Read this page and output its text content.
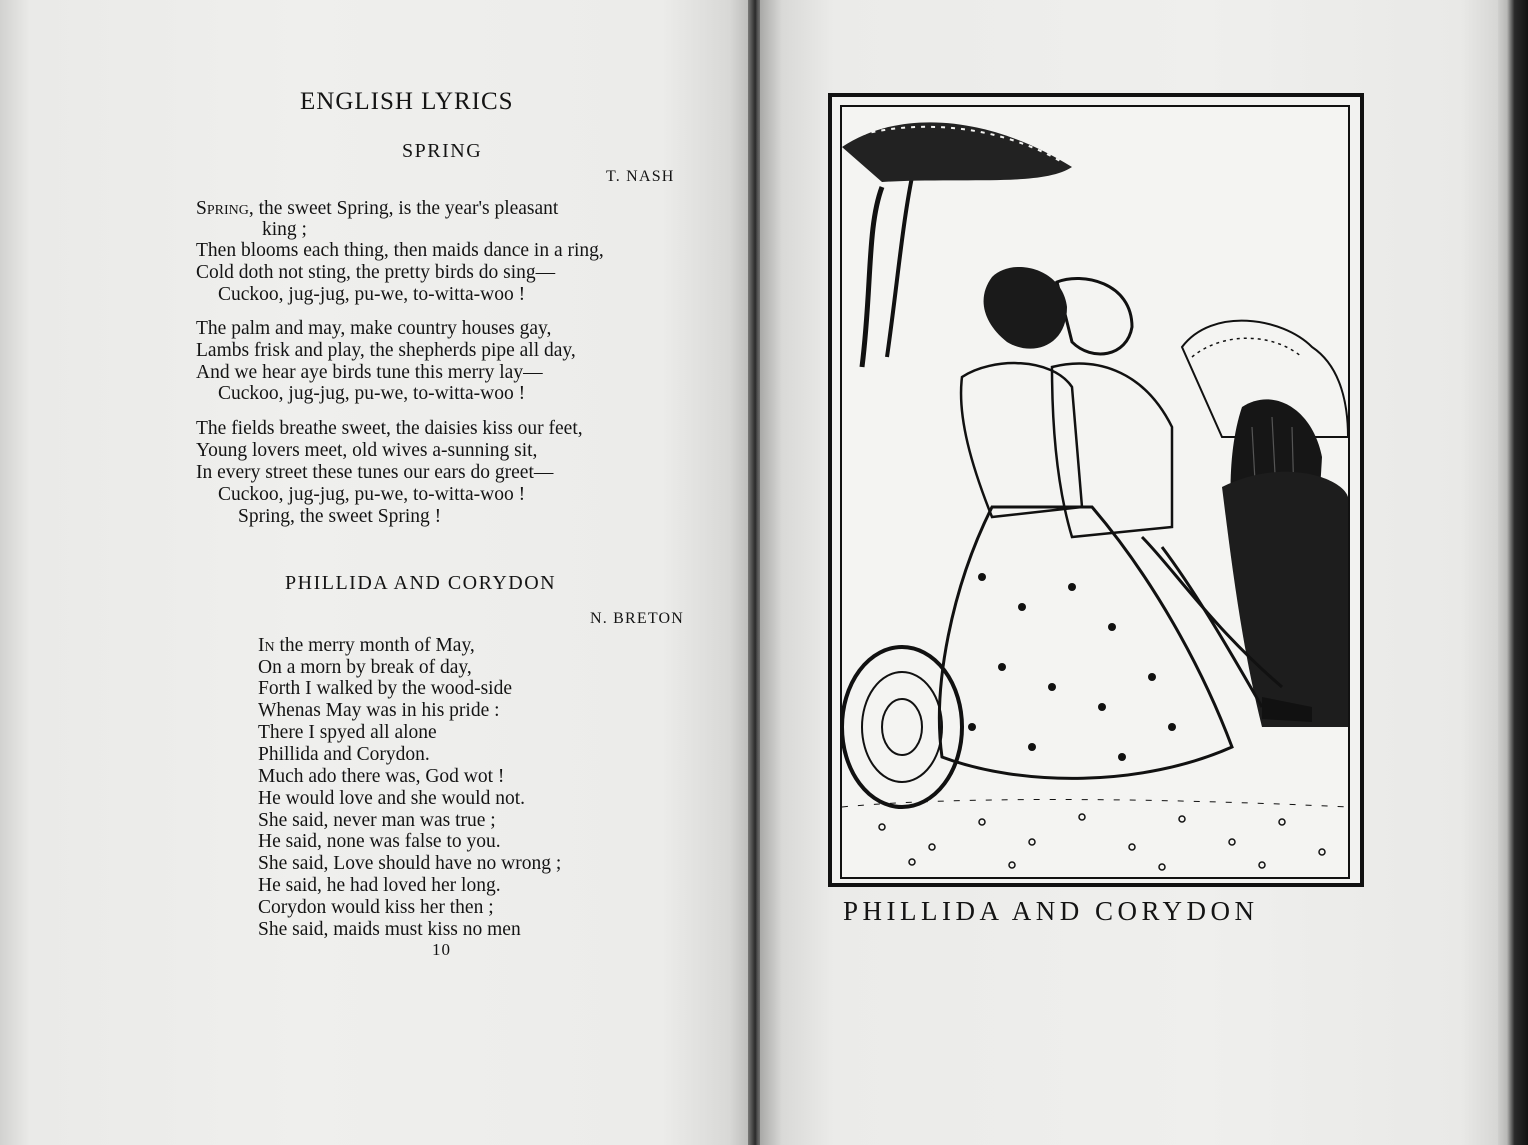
ENGLISH LYRICS
SPRING
T. NASH
Spring, the sweet Spring, is the year's pleasant
king ;
Then blooms each thing, then maids dance in a ring,
Cold doth not sting, the pretty birds do sing—
Cuckoo, jug-jug, pu-we, to-witta-woo !
The palm and may, make country houses gay,
Lambs frisk and play, the shepherds pipe all day,
And we hear aye birds tune this merry lay—
Cuckoo, jug-jug, pu-we, to-witta-woo !
The fields breathe sweet, the daisies kiss our feet,
Young lovers meet, old wives a-sunning sit,
In every street these tunes our ears do greet—
Cuckoo, jug-jug, pu-we, to-witta-woo !
Spring, the sweet Spring !
PHILLIDA AND CORYDON
N. BRETON
In the merry month of May,
On a morn by break of day,
Forth I walked by the wood-side
Whenas May was in his pride :
There I spyed all alone
Phillida and Corydon.
Much ado there was, God wot !
He would love and she would not.
She said, never man was true ;
He said, none was false to you.
She said, Love should have no wrong ;
He said, he had loved her long.
Corydon would kiss her then ;
She said, maids must kiss no men
10
PHILLIDA AND CORYDON
